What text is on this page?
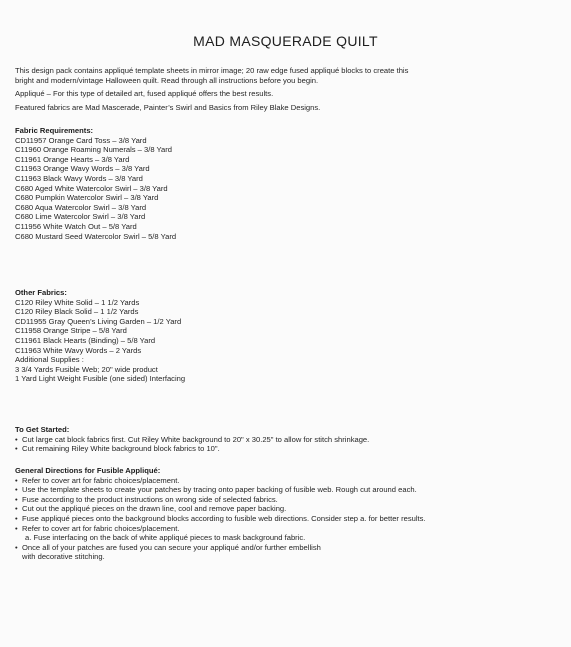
MAD MASQUERADE QUILT
This design pack contains appliqué template sheets in mirror image; 20 raw edge fused appliqué blocks to create this
bright and modern/vintage Halloween quilt. Read through all instructions before you begin.
Appliqué – For this type of detailed art, fused appliqué offers the best results.
Featured fabrics are Mad Mascerade, Painter’s Swirl and Basics from Riley Blake Designs.
Fabric Requirements:
CD11957 Orange Card Toss – 3/8 Yard
C11960 Orange Roaming Numerals – 3/8 Yard
C11961 Orange Hearts – 3/8 Yard
C11963 Orange Wavy Words – 3/8 Yard
C11963 Black Wavy Words – 3/8 Yard
C680 Aged White Watercolor Swirl – 3/8 Yard
C680 Pumpkin Watercolor Swirl – 3/8 Yard
C680 Aqua Watercolor Swirl – 3/8 Yard
C680 Lime Watercolor Swirl – 3/8 Yard
C11956 White Watch Out – 5/8 Yard
C680 Mustard Seed Watercolor Swirl – 5/8 Yard
Other Fabrics:
C120 Riley White Solid – 1 1/2 Yards
C120 Riley Black Solid – 1 1/2 Yards
CD11955 Gray Queen’s Living Garden – 1/2 Yard
C11958 Orange Stripe – 5/8 Yard
C11961 Black Hearts (Binding) – 5/8 Yard
C11963 White Wavy Words – 2 Yards
Additional Supplies :
3 3/4 Yards Fusible Web; 20" wide product
1 Yard Light Weight Fusible (one sided) Interfacing
To Get Started:
• Cut large cat block fabrics first. Cut Riley White background to 20" x 30.25" to allow for stitch shrinkage.
• Cut remaining Riley White background block fabrics to 10".
General Directions for Fusible Appliqué:
• Refer to cover art for fabric choices/placement.
• Use the template sheets to create your patches by tracing onto paper backing of fusible web. Rough cut around each.
• Fuse according to the product instructions on wrong side of selected fabrics.
• Cut out the appliqué pieces on the drawn line, cool and remove paper backing.
• Fuse appliqué pieces onto the background blocks according to fusible web directions. Consider step a. for better results.
• Refer to cover art for fabric choices/placement.
a. Fuse interfacing on the back of white appliqué pieces to mask background fabric.
• Once all of your patches are fused you can secure your appliqué and/or further embellish
with decorative stitching.
